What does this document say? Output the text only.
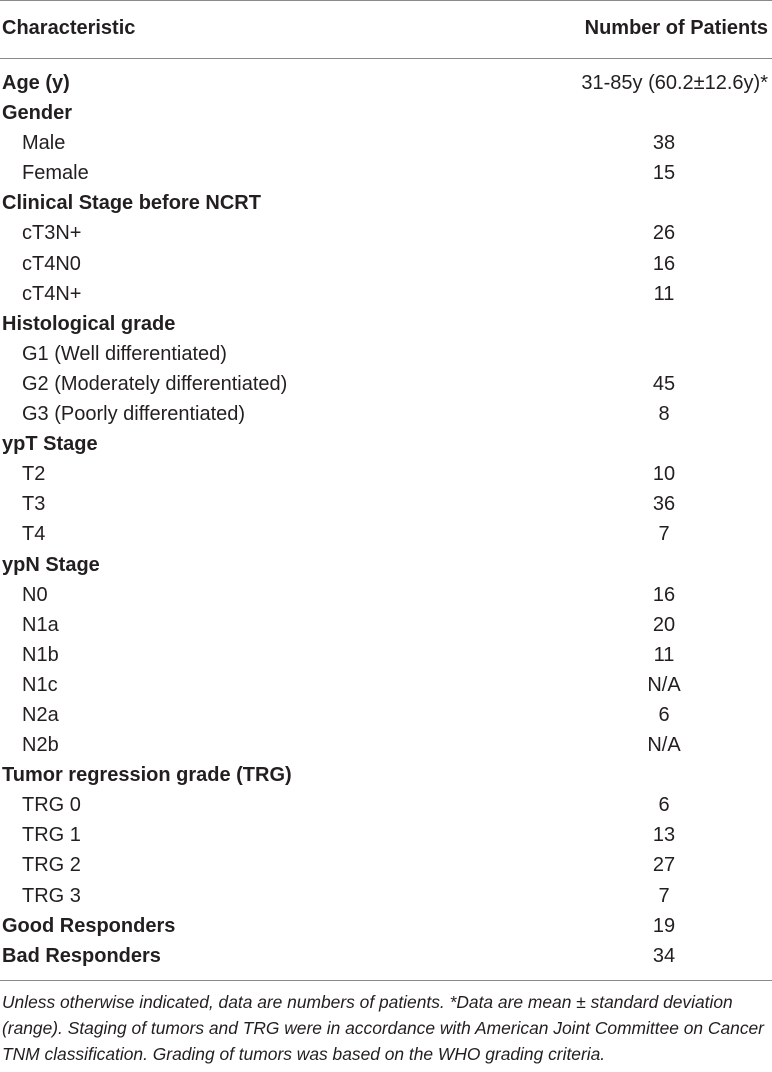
Characteristic	Number of Patients
Age (y)	31-85y (60.2±12.6y)*
Gender
Male	38
Female	15
Clinical Stage before NCRT
cT3N+	26
cT4N0	16
cT4N+	11
Histological grade
G1 (Well differentiated)
G2 (Moderately differentiated)	45
G3 (Poorly differentiated)	8
ypT Stage
T2	10
T3	36
T4	7
ypN Stage
N0	16
N1a	20
N1b	11
N1c	N/A
N2a	6
N2b	N/A
Tumor regression grade (TRG)
TRG 0	6
TRG 1	13
TRG 2	27
TRG 3	7
Good Responders	19
Bad Responders	34
Unless otherwise indicated, data are numbers of patients. *Data are mean ± standard deviation (range). Staging of tumors and TRG were in accordance with American Joint Committee on Cancer TNM classification. Grading of tumors was based on the WHO grading criteria.
